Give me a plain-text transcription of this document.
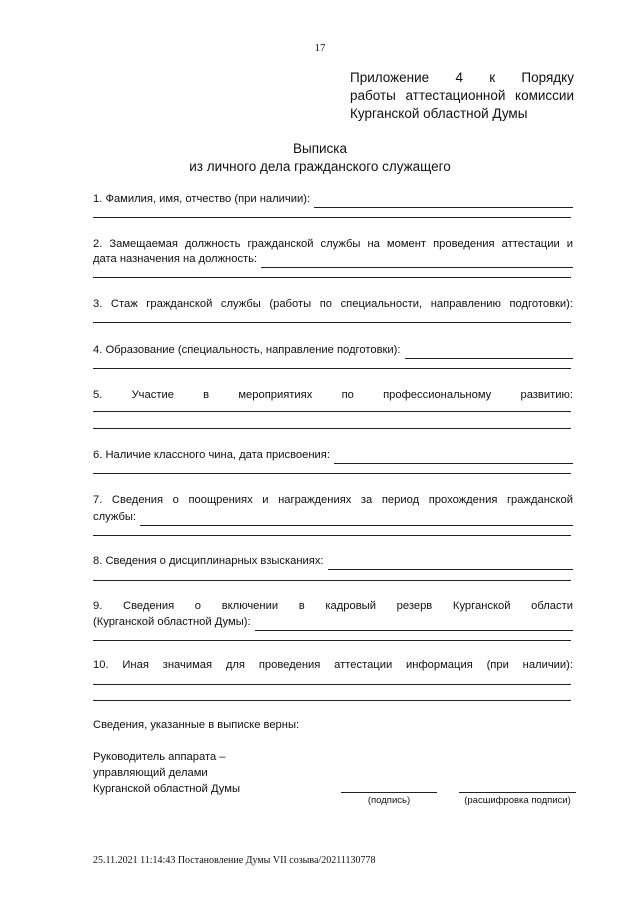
17
Приложение 4 к Порядку
работы аттестационной комиссии
Курганской областной Думы
Выписка
из личного дела гражданского служащего
1. Фамилия, имя, отчество (при наличии):
2. Замещаемая должность гражданской службы на момент проведения аттестации и
дата назначения на должность:
3. Стаж гражданской службы (работы по специальности, направлению подготовки):
4. Образование (специальность, направление подготовки):
5. Участие в мероприятиях по профессиональному развитию:
6. Наличие классного чина, дата присвоения:
7. Сведения о поощрениях и награждениях за период прохождения гражданской
службы:
8. Сведения о дисциплинарных взысканиях:
9. Сведения о включении в кадровый резерв Курганской области
(Курганской областной Думы):
10. Иная значимая для проведения аттестации информация (при наличии):
Сведения, указанные в выписке верны:
Руководитель аппарата –
управляющий делами
Курганской областной Думы
(подпись)	(расшифровка подписи)
25.11.2021 11:14:43 Постановление Думы VII созыва/20211130778
